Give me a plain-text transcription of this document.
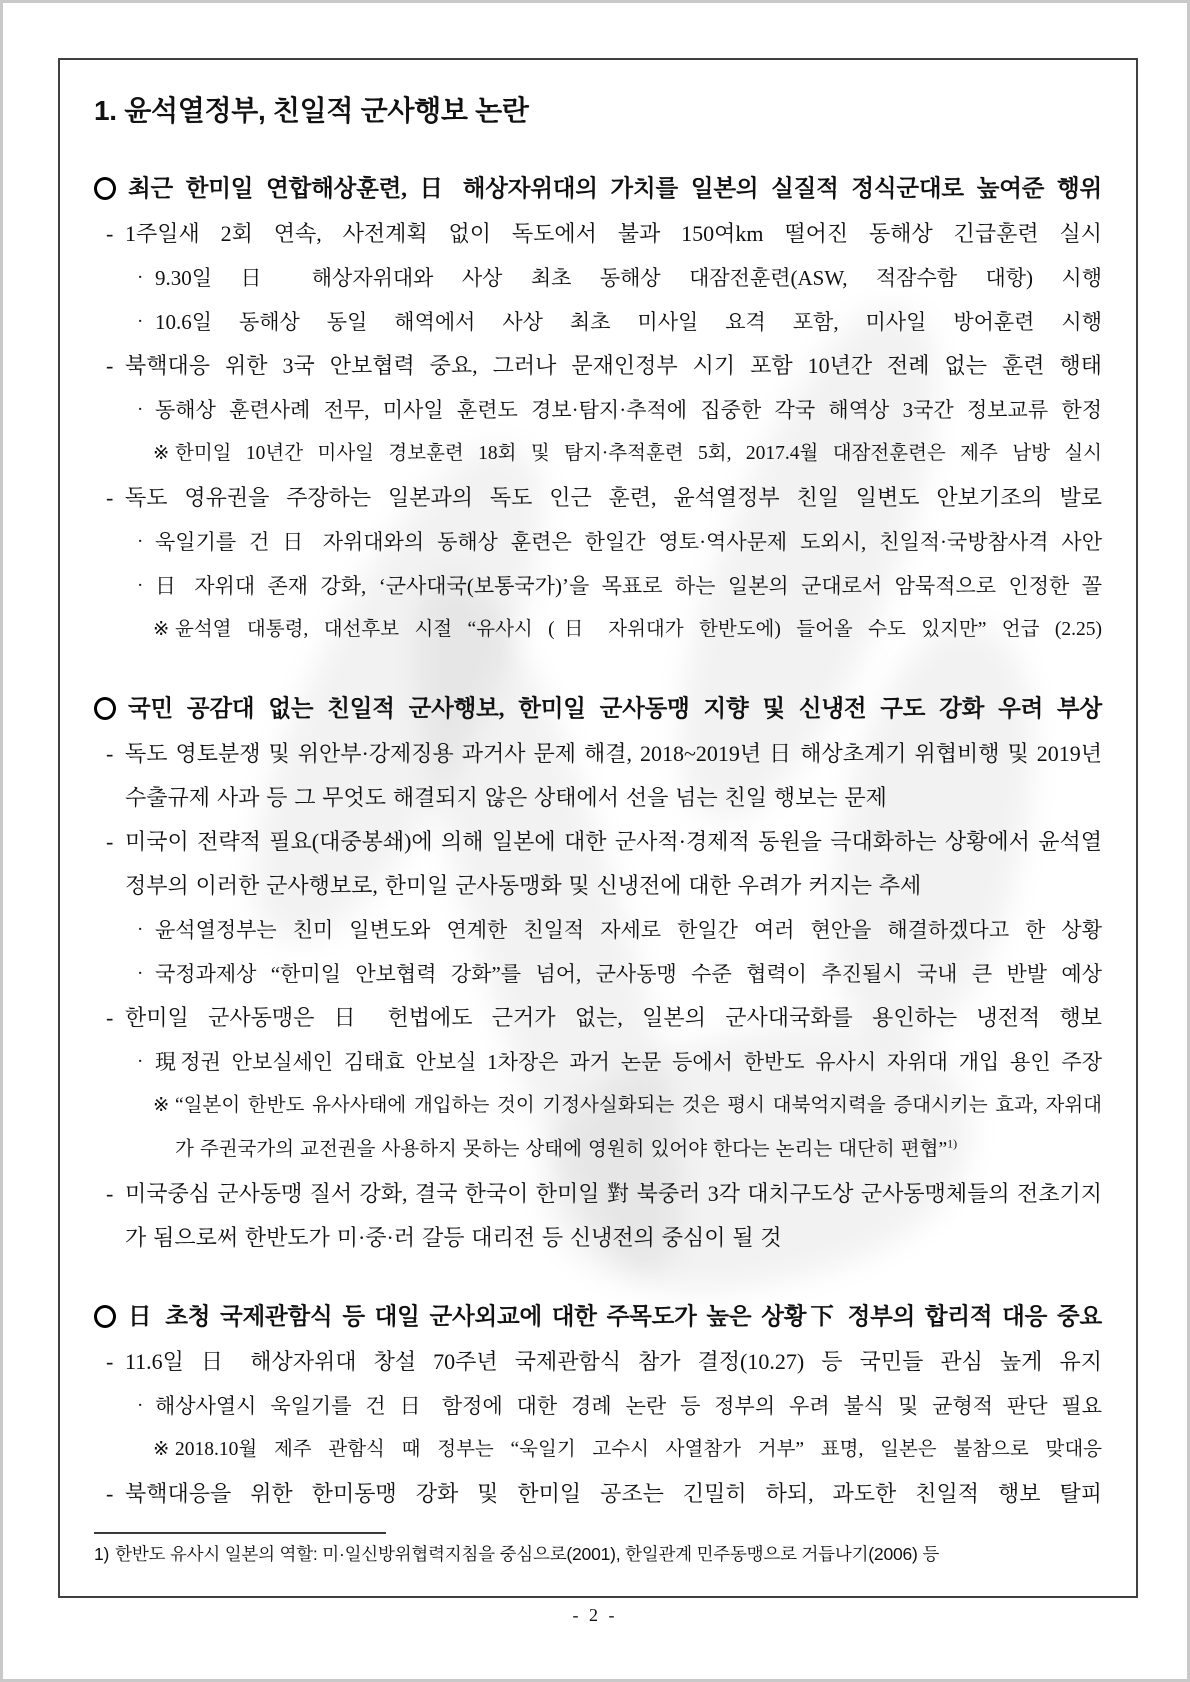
1. 윤석열정부, 친일적 군사행보 논란
최근 한미일 연합해상훈련, 日 해상자위대의 가치를 일본의 실질적 정식군대로 높여준 행위
- 1주일새 2회 연속, 사전계획 없이 독도에서 불과 150여km 떨어진 동해상 긴급훈련 실시
· 9.30일 日 해상자위대와 사상 최초 동해상 대잠전훈련(ASW, 적잠수함 대항) 시행
· 10.6일 동해상 동일 해역에서 사상 최초 미사일 요격 포함, 미사일 방어훈련 시행
- 북핵대응 위한 3국 안보협력 중요, 그러나 문재인정부 시기 포함 10년간 전례 없는 훈련 행태
· 동해상 훈련사례 전무, 미사일 훈련도 경보·탐지·추적에 집중한 각국 해역상 3국간 정보교류 한정
※ 한미일 10년간 미사일 경보훈련 18회 및 탐지·추적훈련 5회, 2017.4월 대잠전훈련은 제주 남방 실시
- 독도 영유권을 주장하는 일본과의 독도 인근 훈련, 윤석열정부 친일 일변도 안보기조의 발로
· 욱일기를 건 日 자위대와의 동해상 훈련은 한일간 영토·역사문제 도외시, 친일적·국방참사격 사안
· 日 자위대 존재 강화, ‘군사대국(보통국가)’을 목표로 하는 일본의 군대로서 암묵적으로 인정한 꼴
※ 윤석열 대통령, 대선후보 시절 “유사시 (日 자위대가 한반도에) 들어올 수도 있지만” 언급 (2.25)
국민 공감대 없는 친일적 군사행보, 한미일 군사동맹 지향 및 신냉전 구도 강화 우려 부상
- 독도 영토분쟁 및 위안부·강제징용 과거사 문제 해결, 2018~2019년 日 해상초계기 위협비행 및 2019년 수출규제 사과 등 그 무엇도 해결되지 않은 상태에서 선을 넘는 친일 행보는 문제
- 미국이 전략적 필요(대중봉쇄)에 의해 일본에 대한 군사적·경제적 동원을 극대화하는 상황에서 윤석열정부의 이러한 군사행보로, 한미일 군사동맹화 및 신냉전에 대한 우려가 커지는 추세
· 윤석열정부는 친미 일변도와 연계한 친일적 자세로 한일간 여러 현안을 해결하겠다고 한 상황
· 국정과제상 “한미일 안보협력 강화”를 넘어, 군사동맹 수준 협력이 추진될시 국내 큰 반발 예상
- 한미일 군사동맹은 日 헌법에도 근거가 없는, 일본의 군사대국화를 용인하는 냉전적 행보
· 現정권 안보실세인 김태효 안보실 1차장은 과거 논문 등에서 한반도 유사시 자위대 개입 용인 주장
※ “일본이 한반도 유사사태에 개입하는 것이 기정사실화되는 것은 평시 대북억지력을 증대시키는 효과, 자위대가 주권국가의 교전권을 사용하지 못하는 상태에 영원히 있어야 한다는 논리는 대단히 편협”$^{1)}$
- 미국중심 군사동맹 질서 강화, 결국 한국이 한미일 對 북중러 3각 대치구도상 군사동맹체들의 전초기지가 됨으로써 한반도가 미·중·러 갈등 대리전 등 신냉전의 중심이 될 것
日 초청 국제관함식 등 대일 군사외교에 대한 주목도가 높은 상황下 정부의 합리적 대응 중요
- 11.6일 日 해상자위대 창설 70주년 국제관함식 참가 결정(10.27) 등 국민들 관심 높게 유지
· 해상사열시 욱일기를 건 日 함정에 대한 경례 논란 등 정부의 우려 불식 및 균형적 판단 필요
※ 2018.10월 제주 관함식 때 정부는 “욱일기 고수시 사열참가 거부” 표명, 일본은 불참으로 맞대응
- 북핵대응을 위한 한미동맹 강화 및 한미일 공조는 긴밀히 하되, 과도한 친일적 행보 탈피
1) 한반도 유사시 일본의 역할: 미·일신방위협력지침을 중심으로(2001), 한일관계 민주동맹으로 거듭나기(2006) 등
- 2 -
